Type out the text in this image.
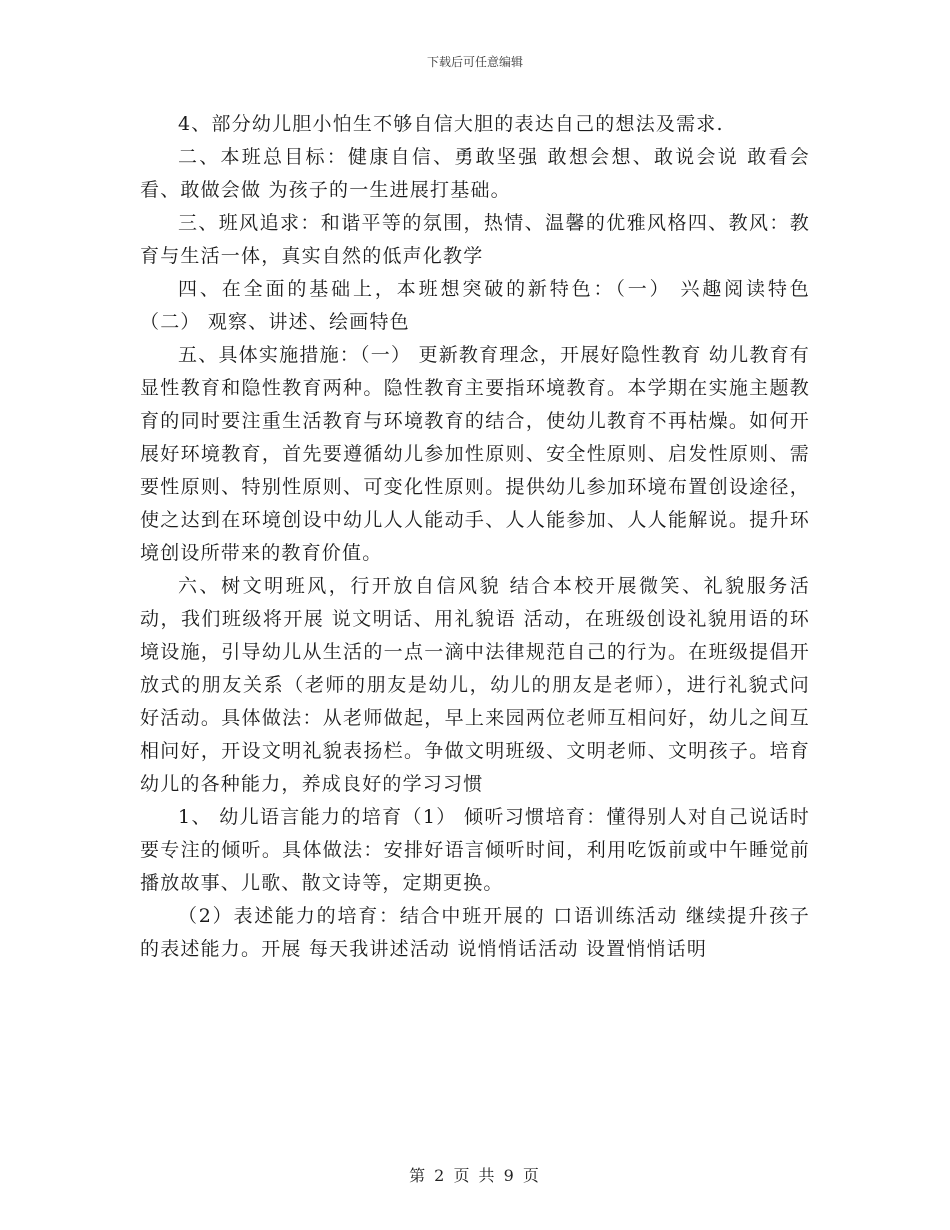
下载后可任意编辑

4、部分幼儿胆小怕生不够自信大胆的表达自己的想法及需求.

二、本班总目标：健康自信、勇敢坚强 敢想会想、敢说会说 敢看会看、敢做会做 为孩子的一生进展打基础。

三、班风追求：和谐平等的氛围，热情、温馨的优雅风格四、教风：教育与生活一体，真实自然的低声化教学

四、在全面的基础上，本班想突破的新特色：（一） 兴趣阅读特色（二） 观察、讲述、绘画特色

五、具体实施措施：（一） 更新教育理念，开展好隐性教育 幼儿教育有显性教育和隐性教育两种。隐性教育主要指环境教育。本学期在实施主题教育的同时要注重生活教育与环境教育的结合，使幼儿教育不再枯燥。如何开展好环境教育，首先要遵循幼儿参加性原则、安全性原则、启发性原则、需要性原则、特别性原则、可变化性原则。提供幼儿参加环境布置创设途径，使之达到在环境创设中幼儿人人能动手、人人能参加、人人能解说。提升环境创设所带来的教育价值。

六、树文明班风，行开放自信风貌 结合本校开展微笑、礼貌服务活动，我们班级将开展 说文明话、用礼貌语 活动，在班级创设礼貌用语的环境设施，引导幼儿从生活的一点一滴中法律规范自己的行为。在班级提倡开放式的朋友关系（老师的朋友是幼儿，幼儿的朋友是老师），进行礼貌式问好活动。具体做法：从老师做起，早上来园两位老师互相问好，幼儿之间互相问好，开设文明礼貌表扬栏。争做文明班级、文明老师、文明孩子。培育幼儿的各种能力，养成良好的学习习惯

1、 幼儿语言能力的培育（1） 倾听习惯培育：懂得别人对自己说话时要专注的倾听。具体做法：安排好语言倾听时间，利用吃饭前或中午睡觉前播放故事、儿歌、散文诗等，定期更换。

（2）表述能力的培育：结合中班开展的 口语训练活动 继续提升孩子的表述能力。开展 每天我讲述活动 说悄悄话活动 设置悄悄话明

第 2 页 共 9 页
